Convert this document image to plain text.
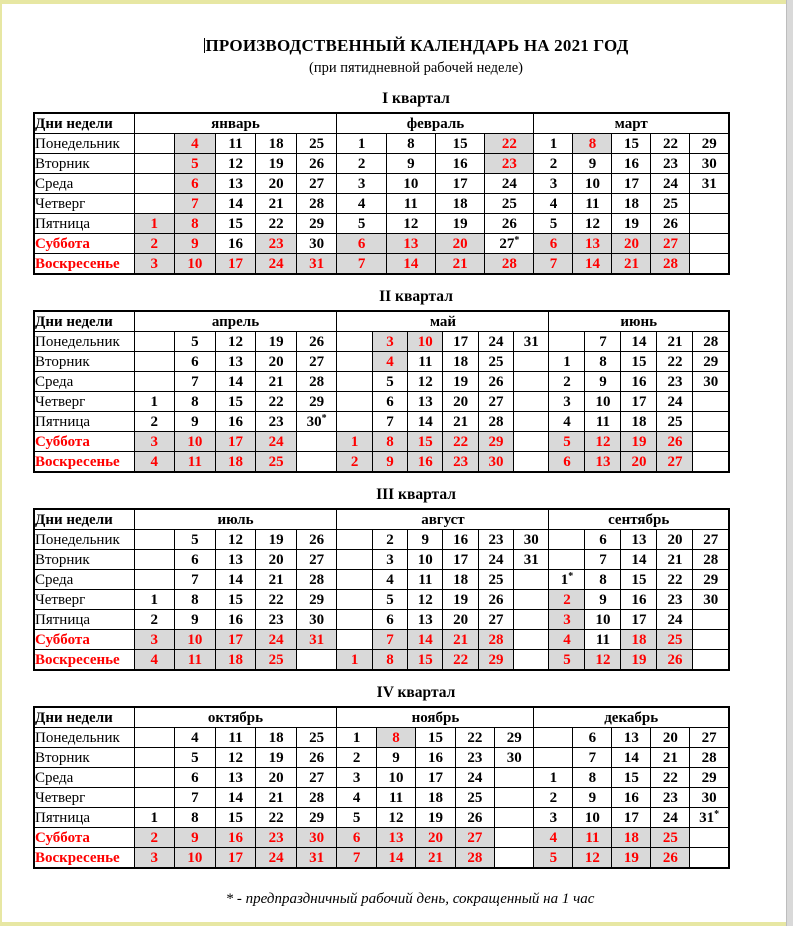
ПРОИЗВОДСТВЕННЫЙ КАЛЕНДАРЬ НА 2021 ГОД
(при пятидневной рабочей неделе)
I квартал
Дни недели	январь					февраль				март				
Понедельник		4	11	18	25	1	8	15	22	1	8	15	22	29
Вторник		5	12	19	26	2	9	16	23	2	9	16	23	30
Среда		6	13	20	27	3	10	17	24	3	10	17	24	31
Четверг		7	14	21	28	4	11	18	25	4	11	18	25	
Пятница	1	8	15	22	29	5	12	19	26	5	12	19	26	
Суббота	2	9	16	23	30	6	13	20	27*	6	13	20	27	
Воскресенье	3	10	17	24	31	7	14	21	28	7	14	21	28	
II квартал
Дни недели	апрель					май						июнь				
Понедельник		5	12	19	26		3	10	17	24	31		7	14	21	28
Вторник		6	13	20	27		4	11	18	25		1	8	15	22	29
Среда		7	14	21	28		5	12	19	26		2	9	16	23	30
Четверг	1	8	15	22	29		6	13	20	27		3	10	17	24	
Пятница	2	9	16	23	30*		7	14	21	28		4	11	18	25	
Суббота	3	10	17	24		1	8	15	22	29		5	12	19	26	
Воскресенье	4	11	18	25		2	9	16	23	30		6	13	20	27	
III квартал
Дни недели	июль					август						сентябрь				
Понедельник		5	12	19	26		2	9	16	23	30		6	13	20	27
Вторник		6	13	20	27		3	10	17	24	31		7	14	21	28
Среда		7	14	21	28		4	11	18	25		1*	8	15	22	29
Четверг	1	8	15	22	29		5	12	19	26		2	9	16	23	30
Пятница	2	9	16	23	30		6	13	20	27		3	10	17	24	
Суббота	3	10	17	24	31		7	14	21	28		4	11	18	25	
Воскресенье	4	11	18	25		1	8	15	22	29		5	12	19	26	
IV квартал
Дни недели	октябрь					ноябрь					декабрь				
Понедельник		4	11	18	25	1	8	15	22	29		6	13	20	27
Вторник		5	12	19	26	2	9	16	23	30		7	14	21	28
Среда		6	13	20	27	3	10	17	24		1	8	15	22	29
Четверг		7	14	21	28	4	11	18	25		2	9	16	23	30
Пятница	1	8	15	22	29	5	12	19	26		3	10	17	24	31*
Суббота	2	9	16	23	30	6	13	20	27		4	11	18	25	
Воскресенье	3	10	17	24	31	7	14	21	28		5	12	19	26	
* - предпраздничный рабочий день, сокращенный на 1 час
